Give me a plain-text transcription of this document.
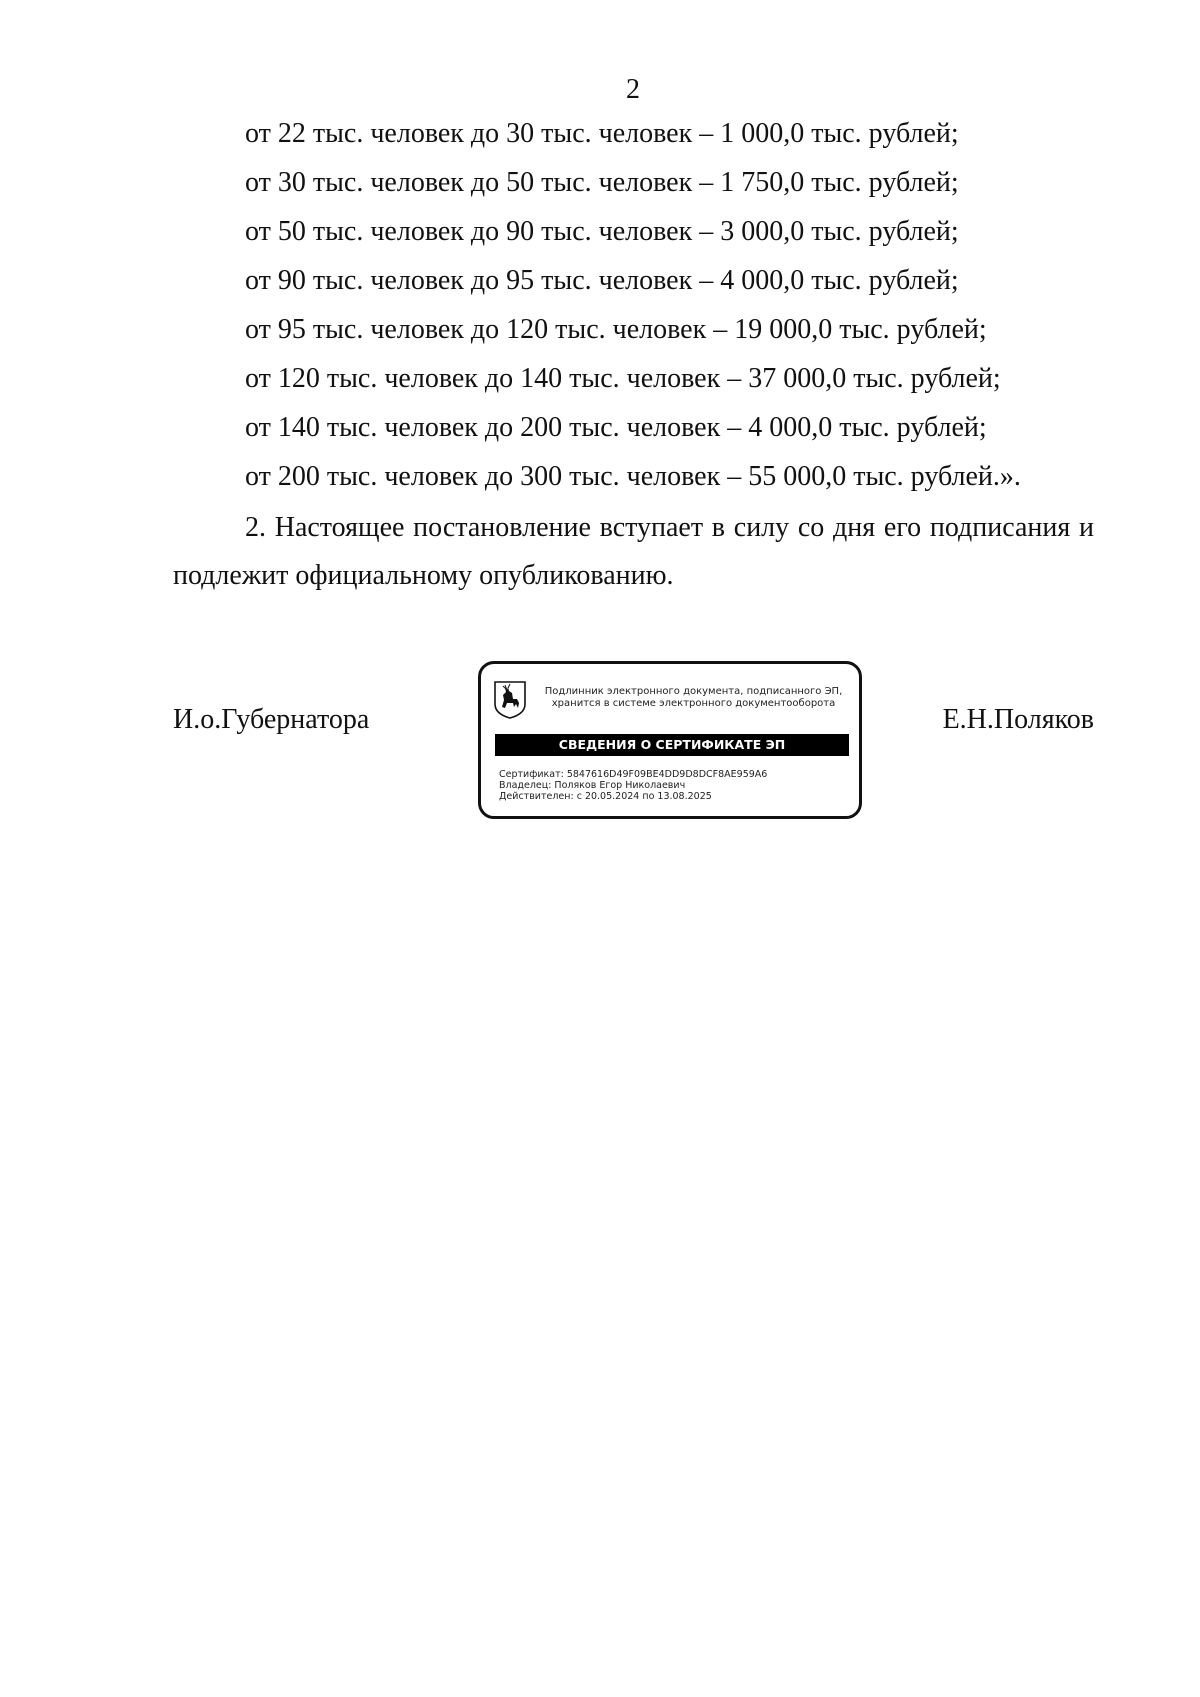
2
от 22 тыс. человек до 30 тыс. человек – 1 000,0 тыс. рублей;
от 30 тыс. человек до 50 тыс. человек – 1 750,0 тыс. рублей;
от 50 тыс. человек до 90 тыс. человек – 3 000,0 тыс. рублей;
от 90 тыс. человек до 95 тыс. человек – 4 000,0 тыс. рублей;
от 95 тыс. человек до 120 тыс. человек – 19 000,0 тыс. рублей;
от 120 тыс. человек до 140 тыс. человек – 37 000,0 тыс. рублей;
от 140 тыс. человек до 200 тыс. человек – 4 000,0 тыс. рублей;
от 200 тыс. человек до 300 тыс. человек – 55 000,0 тыс. рублей.».
2. Настоящее постановление вступает в силу со дня его подписания и подлежит официальному опубликованию.
И.о.Губернатора	Е.Н.Поляков
Подлинник электронного документа, подписанного ЭП,
хранится в системе электронного документооборота
СВЕДЕНИЯ О СЕРТИФИКАТЕ ЭП
Сертификат: 5847616D49F09BE4DD9D8DCF8AE959A6
Владелец: Поляков Егор Николаевич
Действителен: с 20.05.2024 по 13.08.2025
